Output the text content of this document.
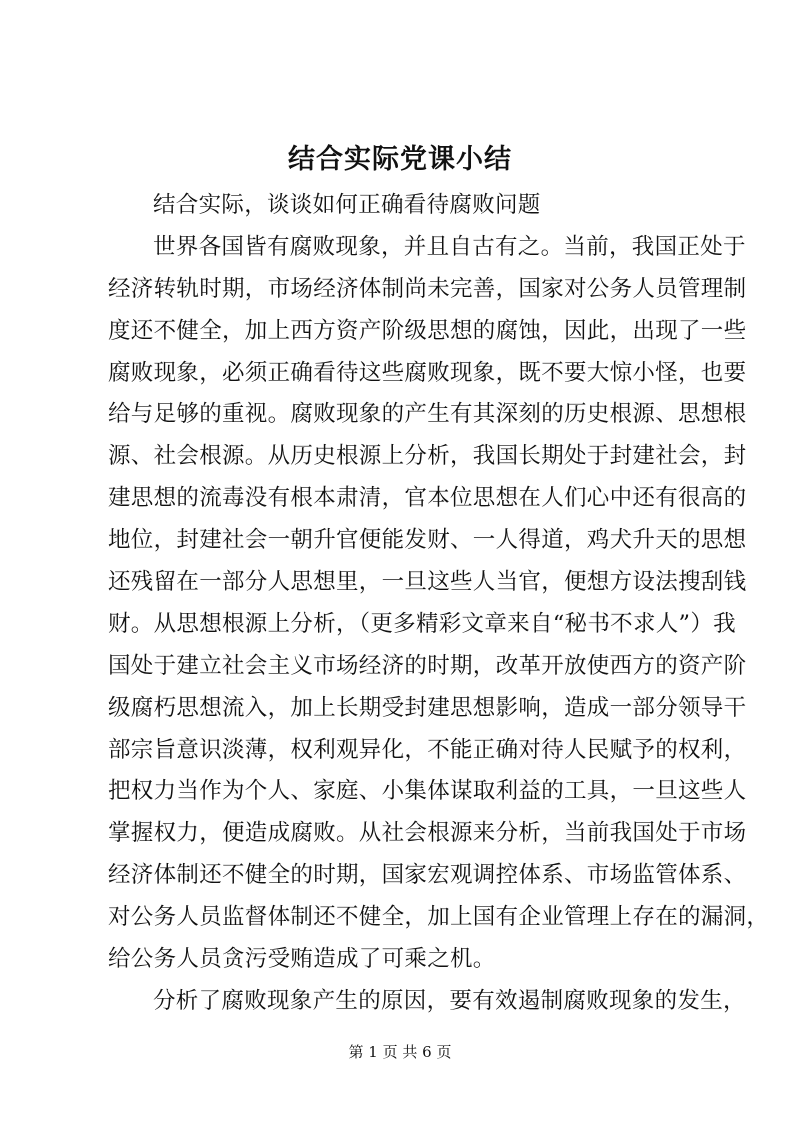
结合实际党课小结
结合实际，谈谈如何正确看待腐败问题
世界各国皆有腐败现象，并且自古有之。当前，我国正处于
经济转轨时期，市场经济体制尚未完善，国家对公务人员管理制
度还不健全，加上西方资产阶级思想的腐蚀，因此，出现了一些
腐败现象，必须正确看待这些腐败现象，既不要大惊小怪，也要
给与足够的重视。腐败现象的产生有其深刻的历史根源、思想根
源、社会根源。从历史根源上分析，我国长期处于封建社会，封
建思想的流毒没有根本肃清，官本位思想在人们心中还有很高的
地位，封建社会一朝升官便能发财、一人得道，鸡犬升天的思想
还残留在一部分人思想里，一旦这些人当官，便想方设法搜刮钱
财。从思想根源上分析，（更多精彩文章来自“秘书不求人”）我
国处于建立社会主义市场经济的时期，改革开放使西方的资产阶
级腐朽思想流入，加上长期受封建思想影响，造成一部分领导干
部宗旨意识淡薄，权利观异化，不能正确对待人民赋予的权利，
把权力当作为个人、家庭、小集体谋取利益的工具，一旦这些人
掌握权力，便造成腐败。从社会根源来分析，当前我国处于市场
经济体制还不健全的时期，国家宏观调控体系、市场监管体系、
对公务人员监督体制还不健全，加上国有企业管理上存在的漏洞，
给公务人员贪污受贿造成了可乘之机。
分析了腐败现象产生的原因，要有效遏制腐败现象的发生，
第 1 页 共 6 页
